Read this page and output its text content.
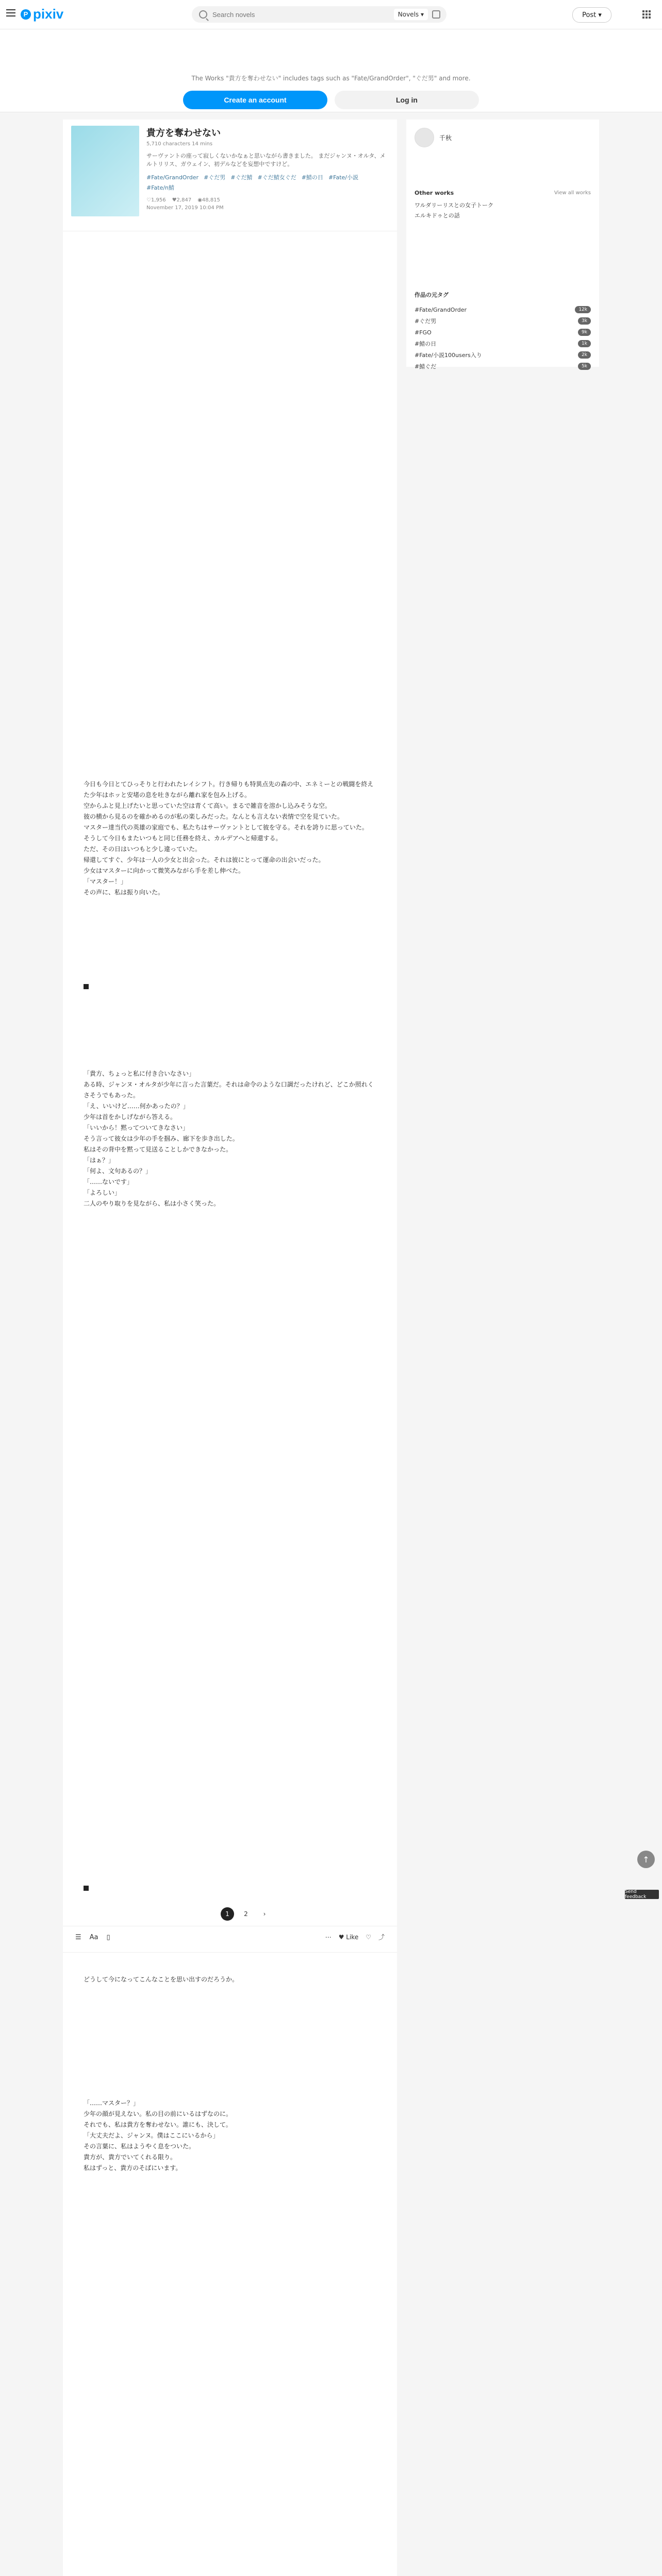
P pixiv
Search novels	Novels ▾	Post ▾
The Works "貴方を奪わせない" includes tags such as "Fate/GrandOrder", "ぐだ男" and more.
Create an account	Log in
貴方を奪わせない
5,710 characters 14 mins
サーヴァントの座って寂しくないかなぁと思いながら書きました。 まだジャンヌ・オルタ、メルトリリス、ガウェイン、初デルなどを妄想中ですけど。
#Fate/GrandOrder #ぐだ男 #ぐだ鯖 #ぐだ鯖女ぐだ #鯖の日 #Fate/小説
#Fate/n鯖
♡1,956 ♥2,847 ◉48,815
November 17, 2019 10:04 PM

今日も今日とてひっそりと行われたレイシフト。行き帰りも特異点先の森の中、エネミーとの戦闘を終えた少年はホッと安堵の息を吐きながら離れ家を包み上げる。

空からふと見上げたいと思っていた空は青くて高い。まるで雑音を溶かし込みそうな空。

彼の横から見るのを確かめるのが私の楽しみだった。なんとも言えない表情で空を見ていた。

マスター達当代の英雄の家庭でも、私たちはサーヴァントとして彼を守る。それを誇りに思っていた。

そうして今日もまたいつもと同じ任務を終え、カルデアへと帰還する。

ただ、その日はいつもと少し違っていた。

帰還してすぐ、少年は一人の少女と出会った。それは彼にとって運命の出会いだった。

少女はマスターに向かって微笑みながら手を差し伸べた。

「マスター！」

その声に、私は振り向いた。

「貴方、ちょっと私に付き合いなさい」

ある時、ジャンヌ・オルタが少年に言った言葉だ。それは命令のような口調だったけれど、どこか照れくさそうでもあった。

「え、いいけど……何かあったの？」

少年は首をかしげながら答える。

「いいから！黙ってついてきなさい」

そう言って彼女は少年の手を掴み、廊下を歩き出した。

私はその背中を黙って見送ることしかできなかった。

「はぁ？」

「何よ、文句あるの？」

「……ないです」

「よろしい」

二人のやり取りを見ながら、私は小さく笑った。

どうして今になってこんなことを思い出すのだろうか。

「……マスター？」

少年の顔が見えない。私の目の前にいるはずなのに。

それでも、私は貴方を奪わせない。誰にも、決して。

「大丈夫だよ、ジャンヌ。僕はここにいるから」

その言葉に、私はようやく息をついた。

貴方が、貴方でいてくれる限り。

私はずっと、貴方のそばにいます。

千秋
Other works	View all works
ワルダリーリスとの女子トーク
エルキドゥとの話
作品の元タグ
#Fate/GrandOrder	12k
#ぐだ男	3k
#FGO	9k
#鯖の日	1k
#Fate/小説100users入り	2k
#鯖ぐだ	5k
1	2	›
☰ Aa ▯	⋯ ♥ Like ♡ ⤴
↑
Send feedback
